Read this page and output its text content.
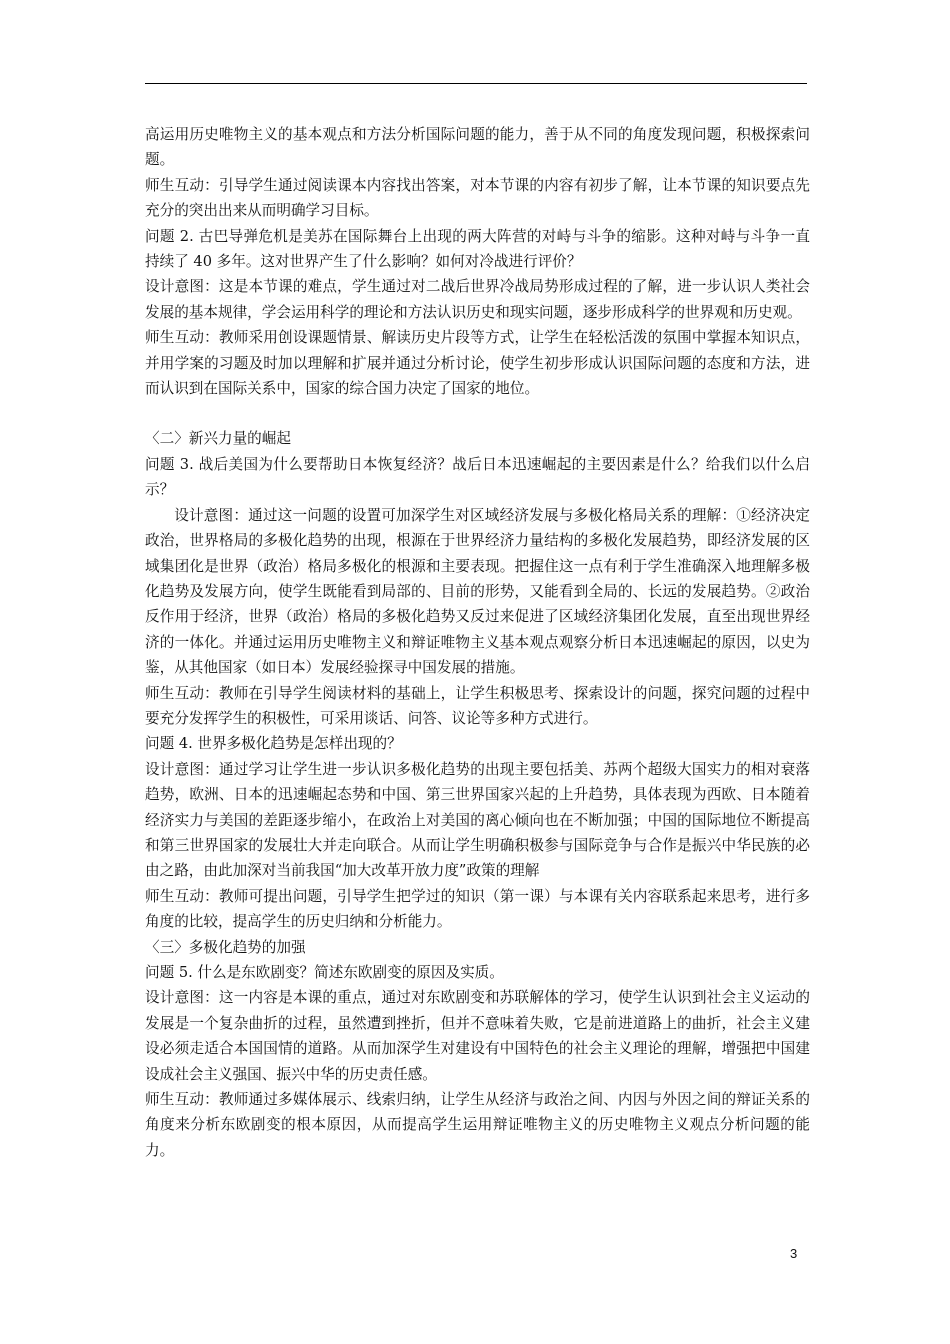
高运用历史唯物主义的基本观点和方法分析国际问题的能力，善于从不同的角度发现问题，积极探索问题。

师生互动：引导学生通过阅读课本内容找出答案，对本节课的内容有初步了解，让本节课的知识要点先充分的突出出来从而明确学习目标。

问题 2. 古巴导弹危机是美苏在国际舞台上出现的两大阵营的对峙与斗争的缩影。这种对峙与斗争一直持续了 40 多年。这对世界产生了什么影响？如何对冷战进行评价？

设计意图：这是本节课的难点，学生通过对二战后世界冷战局势形成过程的了解，进一步认识人类社会发展的基本规律，学会运用科学的理论和方法认识历史和现实问题，逐步形成科学的世界观和历史观。

师生互动：教师采用创设课题情景、解读历史片段等方式，让学生在轻松活泼的氛围中掌握本知识点，并用学案的习题及时加以理解和扩展并通过分析讨论，使学生初步形成认识国际问题的态度和方法，进而认识到在国际关系中，国家的综合国力决定了国家的地位。

〈二〉新兴力量的崛起

问题 3. 战后美国为什么要帮助日本恢复经济？战后日本迅速崛起的主要因素是什么？给我们以什么启示？

设计意图：通过这一问题的设置可加深学生对区域经济发展与多极化格局关系的理解：①经济决定政治，世界格局的多极化趋势的出现，根源在于世界经济力量结构的多极化发展趋势，即经济发展的区域集团化是世界（政治）格局多极化的根源和主要表现。把握住这一点有利于学生准确深入地理解多极化趋势及发展方向，使学生既能看到局部的、目前的形势，又能看到全局的、长远的发展趋势。②政治反作用于经济，世界（政治）格局的多极化趋势又反过来促进了区域经济集团化发展，直至出现世界经济的一体化。并通过运用历史唯物主义和辩证唯物主义基本观点观察分析日本迅速崛起的原因，以史为鉴，从其他国家（如日本）发展经验探寻中国发展的措施。

师生互动：教师在引导学生阅读材料的基础上，让学生积极思考、探索设计的问题，探究问题的过程中要充分发挥学生的积极性，可采用谈话、问答、议论等多种方式进行。

问题 4. 世界多极化趋势是怎样出现的？

设计意图：通过学习让学生进一步认识多极化趋势的出现主要包括美、苏两个超级大国实力的相对衰落趋势，欧洲、日本的迅速崛起态势和中国、第三世界国家兴起的上升趋势，具体表现为西欧、日本随着经济实力与美国的差距逐步缩小，在政治上对美国的离心倾向也在不断加强；中国的国际地位不断提高和第三世界国家的发展壮大并走向联合。从而让学生明确积极参与国际竞争与合作是振兴中华民族的必由之路，由此加深对当前我国“加大改革开放力度”政策的理解

师生互动：教师可提出问题，引导学生把学过的知识（第一课）与本课有关内容联系起来思考，进行多角度的比较，提高学生的历史归纳和分析能力。

〈三〉多极化趋势的加强

问题 5. 什么是东欧剧变？简述东欧剧变的原因及实质。

设计意图：这一内容是本课的重点，通过对东欧剧变和苏联解体的学习，使学生认识到社会主义运动的发展是一个复杂曲折的过程，虽然遭到挫折，但并不意味着失败，它是前进道路上的曲折，社会主义建设必须走适合本国国情的道路。从而加深学生对建设有中国特色的社会主义理论的理解，增强把中国建设成社会主义强国、振兴中华的历史责任感。

师生互动：教师通过多媒体展示、线索归纳，让学生从经济与政治之间、内因与外因之间的辩证关系的角度来分析东欧剧变的根本原因，从而提高学生运用辩证唯物主义的历史唯物主义观点分析问题的能力。

3
